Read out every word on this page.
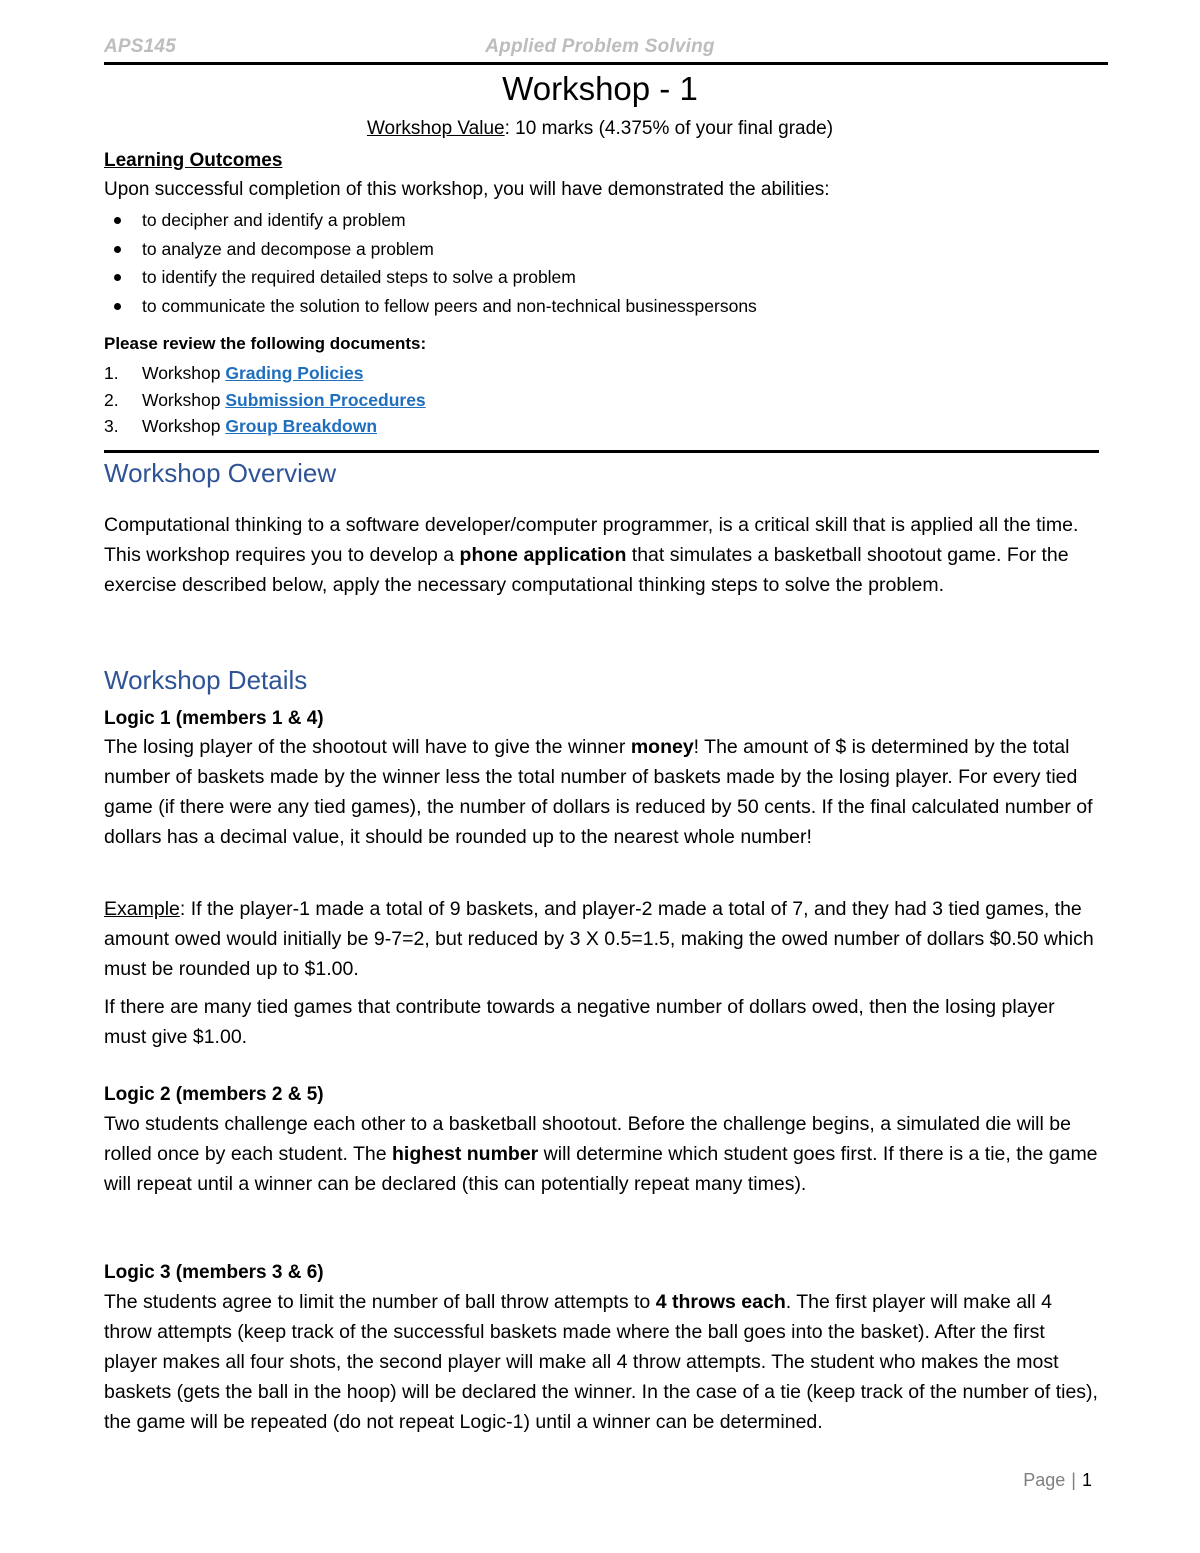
APS145	Applied Problem Solving
Workshop - 1
Workshop Value: 10 marks (4.375% of your final grade)
Learning Outcomes
Upon successful completion of this workshop, you will have demonstrated the abilities:
to decipher and identify a problem
to analyze and decompose a problem
to identify the required detailed steps to solve a problem
to communicate the solution to fellow peers and non-technical businesspersons
Please review the following documents:
1. Workshop Grading Policies
2. Workshop Submission Procedures
3. Workshop Group Breakdown
Workshop Overview
Computational thinking to a software developer/computer programmer, is a critical skill that is applied all the time. This workshop requires you to develop a phone application that simulates a basketball shootout game. For the exercise described below, apply the necessary computational thinking steps to solve the problem.
Workshop Details
Logic 1 (members 1 & 4)
The losing player of the shootout will have to give the winner money! The amount of $ is determined by the total number of baskets made by the winner less the total number of baskets made by the losing player. For every tied game (if there were any tied games), the number of dollars is reduced by 50 cents. If the final calculated number of dollars has a decimal value, it should be rounded up to the nearest whole number!
Example: If the player-1 made a total of 9 baskets, and player-2 made a total of 7, and they had 3 tied games, the amount owed would initially be 9-7=2, but reduced by 3 X 0.5=1.5, making the owed number of dollars $0.50 which must be rounded up to $1.00.
If there are many tied games that contribute towards a negative number of dollars owed, then the losing player must give $1.00.
Logic 2 (members 2 & 5)
Two students challenge each other to a basketball shootout. Before the challenge begins, a simulated die will be rolled once by each student. The highest number will determine which student goes first. If there is a tie, the game will repeat until a winner can be declared (this can potentially repeat many times).
Logic 3 (members 3 & 6)
The students agree to limit the number of ball throw attempts to 4 throws each. The first player will make all 4 throw attempts (keep track of the successful baskets made where the ball goes into the basket). After the first player makes all four shots, the second player will make all 4 throw attempts. The student who makes the most baskets (gets the ball in the hoop) will be declared the winner. In the case of a tie (keep track of the number of ties), the game will be repeated (do not repeat Logic-1) until a winner can be determined.
Page | 1
